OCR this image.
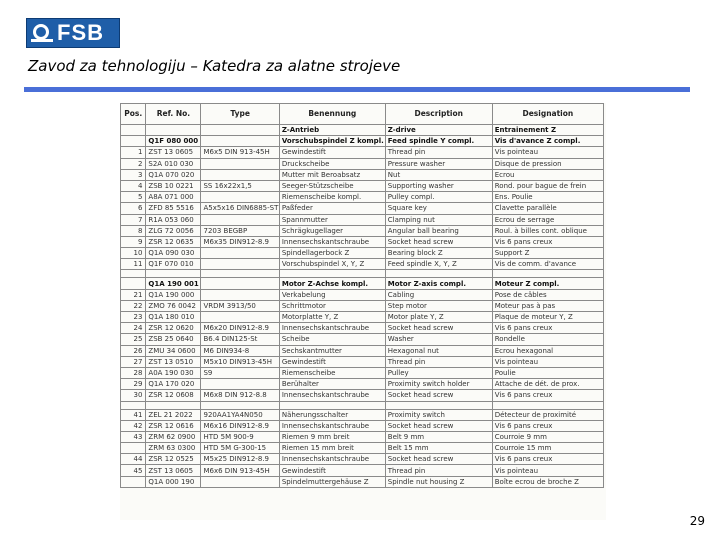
FSB
Zavod za tehnologiju – Katedra za alatne strojeve
Pos.	Ref. No.	Type	Benennung	Description	Designation
			Z-Antrieb	Z-drive	Entrainement Z
	Q1F 080 000		Vorschubspindel Z kompl.	Feed spindle Y compl.	Vis d'avance Z compl.
1	ZST 13 0605	M6x5 DIN 913-45H	Gewindestift	Thread pin	Vis pointeau
2	S2A 010 030		Druckscheibe	Pressure washer	Disque de pression
3	Q1A 070 020		Mutter mit Beroabsatz	Nut	Ecrou
4	ZSB 10 0221	SS 16x22x1,5	Seeger-Stützscheibe	Supporting washer	Rond. pour bague de frein
5	A8A 071 000		Riemenscheibe kompl.	Pulley compl.	Ens. Poulie
6	ZFD 85 5516	A5x5x16 DIN6885-ST	Paßfeder	Square key	Clavette parallèle
7	R1A 053 060		Spannmutter	Clamping nut	Ecrou de serrage
8	ZLG 72 0056	7203 BEGBP	Schrägkugellager	Angular ball bearing	Roul. à billes cont. oblique
9	ZSR 12 0635	M6x35 DIN912-8.9	Innensechskantschraube	Socket head screw	Vis 6 pans creux
10	Q1A 090 030		Spindellagerbock Z	Bearing block Z	Support Z
11	Q1F 070 010		Vorschubspindel X, Y, Z	Feed spindle X, Y, Z	Vis de comm. d'avance

	Q1A 190 001		Motor Z-Achse kompl.	Motor Z-axis compl.	Moteur Z compl.
21	Q1A 190 000		Verkabelung	Cabling	Pose de câbles
22	ZMO 76 0042	VRDM 3913/50	Schrittmotor	Step motor	Moteur pas à pas
23	Q1A 180 010		Motorplatte Y, Z	Motor plate Y, Z	Plaque de moteur Y, Z
24	ZSR 12 0620	M6x20 DIN912-8.9	Innensechskantschraube	Socket head screw	Vis 6 pans creux
25	ZSB 25 0640	B6.4 DIN125-St	Scheibe	Washer	Rondelle
26	ZMU 34 0600	M6 DIN934-8	Sechskantmutter	Hexagonal nut	Ecrou hexagonal
27	ZST 13 0510	M5x10 DIN913-45H	Gewindestift	Thread pin	Vis pointeau
28	A0A 190 030	S9	Riemenscheibe	Pulley	Poulie
29	Q1A 170 020		Berühalter	Proximity switch holder	Attache de dét. de prox.
30	ZSR 12 0608	M6x8 DIN 912-8.8	Innensechskantschraube	Socket head screw	Vis 6 pans creux

41	ZEL 21 2022	920AA1YA4N050	Näherungsschalter	Proximity switch	Détecteur de proximité
42	ZSR 12 0616	M6x16 DIN912-8.9	Innensechskantschraube	Socket head screw	Vis 6 pans creux
43	ZRM 62 0900	HTD 5M 900-9	Riemen 9 mm breit	Belt 9 mm	Courroie 9 mm
	ZRM 63 0300	HTD 5M G-300-15	Riemen 15 mm breit	Belt 15 mm	Courroie 15 mm
44	ZSR 12 0525	M5x25 DIN912-8.9	Innensechskantschraube	Socket head screw	Vis 6 pans creux
45	ZST 13 0605	M6x6 DIN 913-45H	Gewindestift	Thread pin	Vis pointeau
	Q1A 000 190		Spindelmuttergehäuse Z	Spindle nut housing Z	Boîte ecrou de broche Z
29
